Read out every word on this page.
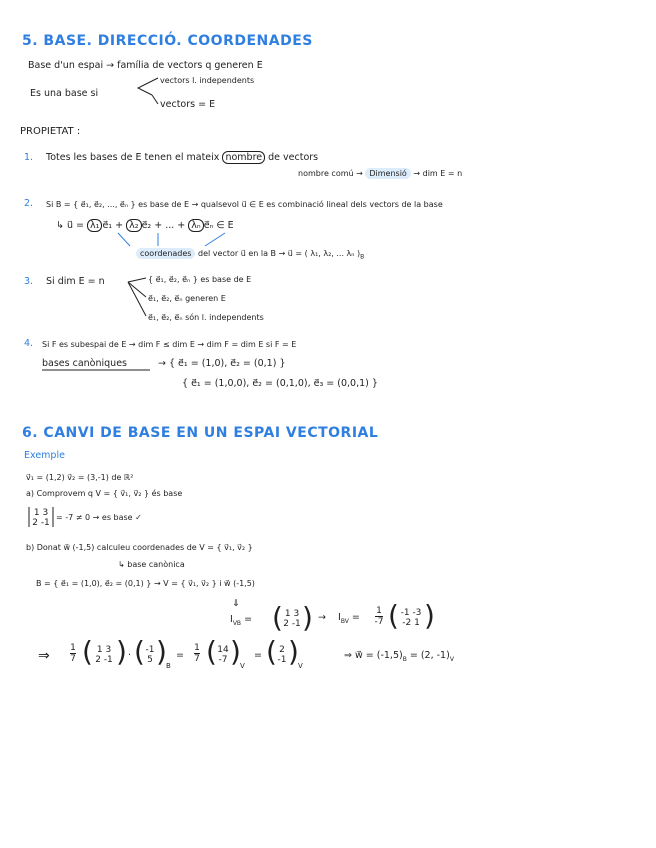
5. BASE. DIRECCIÓ. COORDENADES
Base d'un espai → família de vectors q generen E
Es una base si
vectors l. independents
vectors = E
PROPIETAT :
1. Totes les bases de E tenen el mateix nombre de vectors
nombre comú → Dimensió → dim E = n
2. Si B = { e⃗₁, e⃗₂, ..., e⃗ₙ } es base de E → qualsevol u⃗ ∈ E es combinació lineal dels vectors de la base
↳ u⃗ = λ₁ e⃗₁ + λ₂ e⃗₂ + ... + λₙ e⃗ₙ ∈ E
coordenades del vector u⃗ en la B → u⃗ = ( λ₁, λ₂, ... λₙ )$_B$
3. Si dim E = n	{ e⃗₁, e⃗₂, e⃗ₙ } es base de E
e⃗₁, e⃗₂, e⃗ₙ generen E
e⃗₁, e⃗₂, e⃗ₙ són l. independents
4. Si F es subespai de E → dim F ≤ dim E → dim F = dim E si F = E
bases canòniques	→ { e⃗₁ = (1,0), e⃗₂ = (0,1) }
{ e⃗₁ = (1,0,0), e⃗₂ = (0,1,0), e⃗₃ = (0,0,1) }
6. CANVI DE BASE EN UN ESPAI VECTORIAL
Exemple
v⃗₁ = (1,2) v⃗₂ = (3,-1) de ℝ²
a) Comprovem q V = { v⃗₁, v⃗₂ } és base
1 3
2 -1
= -7 ≠ 0 → es base ✓
b) Donat w⃗ (-1,5) calculeu coordenades de V = { v⃗₁, v⃗₂ }
↳ base canònica
B = { e⃗₁ = (1,0), e⃗₂ = (0,1) } → V = { v⃗₁, v⃗₂ } i w⃗ (-1,5)
⇓
$I_{VB}$ = ( 1 3
2 -1 ) → $I_{BV}$ =
1
-7 ( -1 -3
-2 1 )
⇒	1
7 ( 1 3
2 -1 ) · ( -1
5 ) B
=
1
7 ( 14
-7 ) V
= ( 2
-1 ) V
⇒ w⃗ = $(-1,5)_B = (2$, $-1)_V$
